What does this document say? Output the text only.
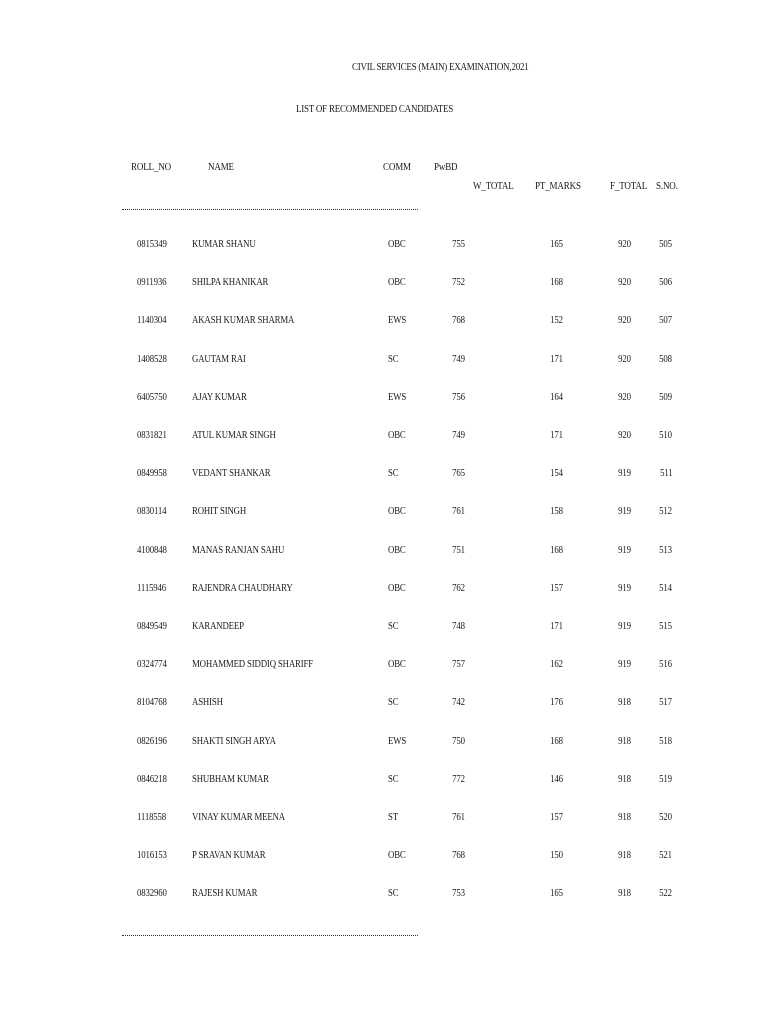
CIVIL SERVICES (MAIN) EXAMINATION,2021
LIST OF RECOMMENDED CANDIDATES
ROLL_NO	NAME	COMM PwBD
W_TOTAL PT_MARKS	F_TOTAL S.NO.
0815349 KUMAR SHANU	OBC	755	165	920	505
0911936 SHILPA KHANIKAR	OBC	752	168	920	506
1140304 AKASH KUMAR SHARMA	EWS	768	152	920	507
1408528 GAUTAM RAI	SC	749	171	920	508
6405750 AJAY KUMAR	EWS	756	164	920	509
0831821 ATUL KUMAR SINGH	OBC	749	171	920	510
0849958 VEDANT SHANKAR	SC	765	154	919	511
0830114 ROHIT SINGH	OBC	761	158	919	512
4100848 MANAS RANJAN SAHU	OBC	751	168	919	513
1115946 RAJENDRA CHAUDHARY	OBC	762	157	919	514
0849549 KARANDEEP	SC	748	171	919	515
0324774 MOHAMMED SIDDIQ SHARIFF	OBC	757	162	919	516
8104768 ASHISH	SC	742	176	918	517
0826196 SHAKTI SINGH ARYA	EWS	750	168	918	518
0846218 SHUBHAM KUMAR	SC	772	146	918	519
1118558 VINAY KUMAR MEENA	ST	761	157	918	520
1016153 P SRAVAN KUMAR	OBC	768	150	918	521
0832960 RAJESH KUMAR	SC	753	165	918	522
